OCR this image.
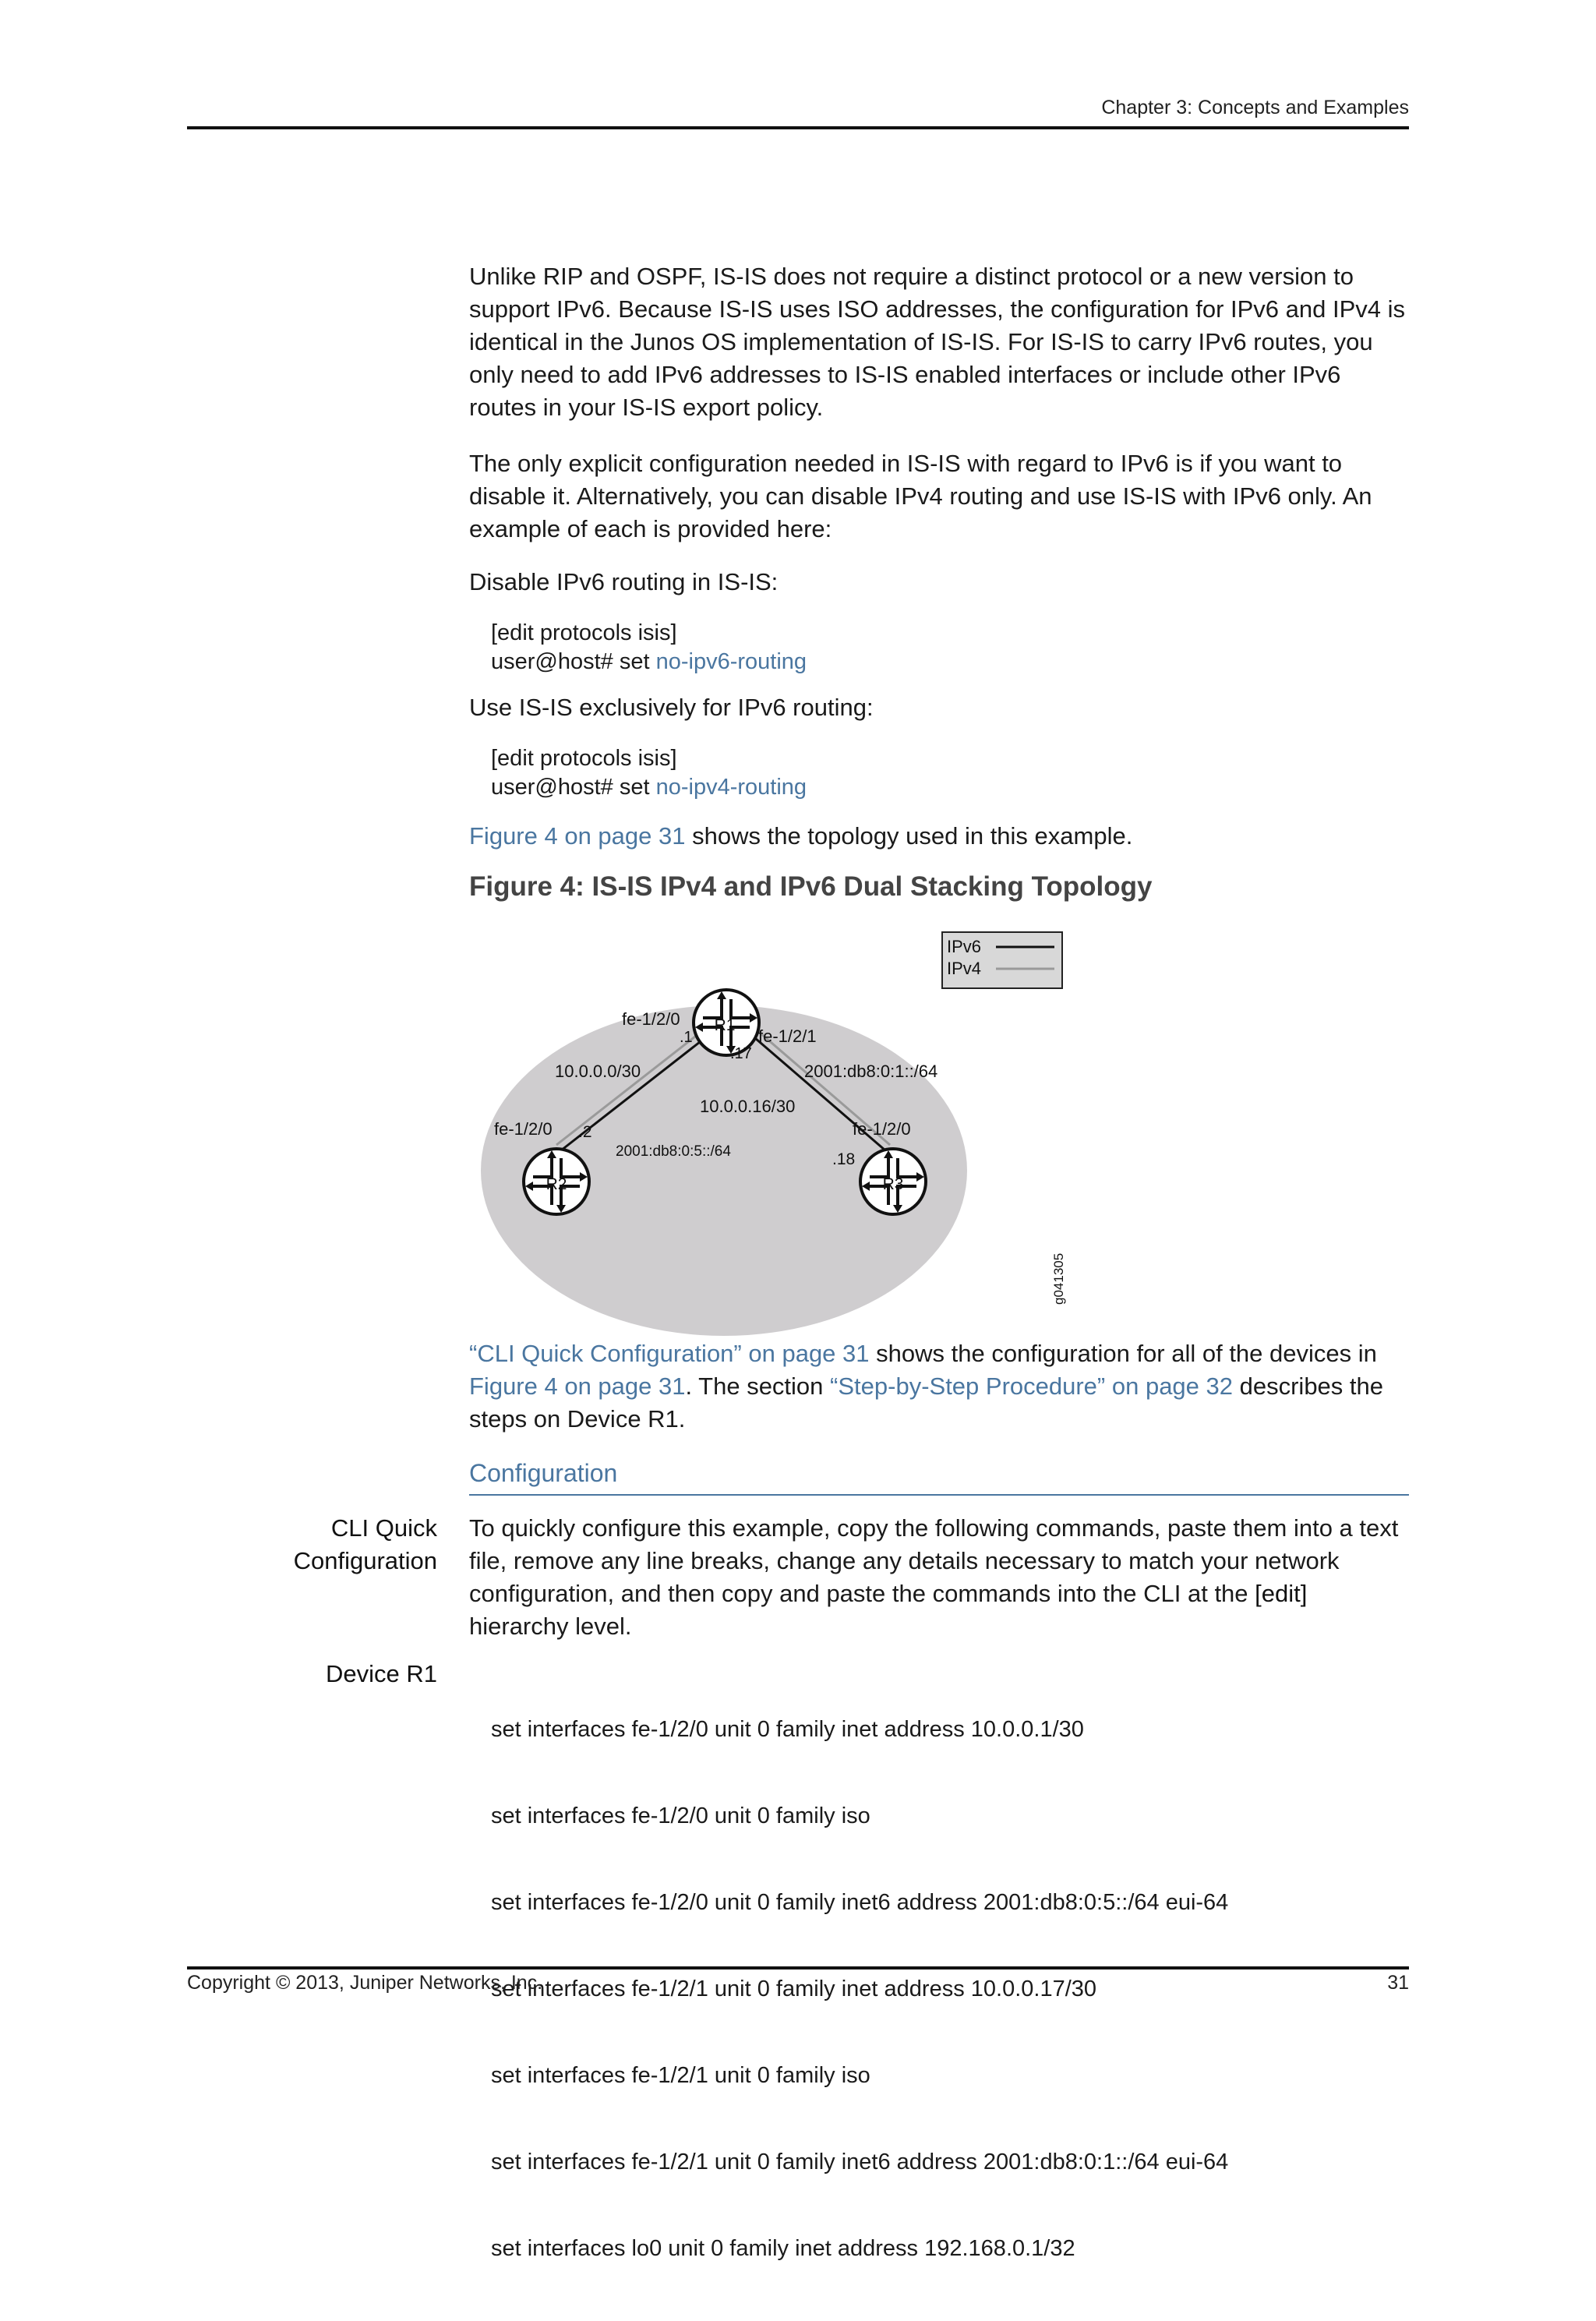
Chapter 3: Concepts and Examples

Unlike RIP and OSPF, IS-IS does not require a distinct protocol or a new version to support IPv6. Because IS-IS uses ISO addresses, the configuration for IPv6 and IPv4 is identical in the Junos OS implementation of IS-IS. For IS-IS to carry IPv6 routes, you only need to add IPv6 addresses to IS-IS enabled interfaces or include other IPv6 routes in your IS-IS export policy.

The only explicit configuration needed in IS-IS with regard to IPv6 is if you want to disable it. Alternatively, you can disable IPv4 routing and use IS-IS with IPv6 only. An example of each is provided here:

Disable IPv6 routing in IS-IS:

[edit protocols isis]
user@host# set no-ipv6-routing

Use IS-IS exclusively for IPv6 routing:

[edit protocols isis]
user@host# set no-ipv4-routing

Figure 4 on page 31 shows the topology used in this example.

Figure 4: IS-IS IPv4 and IPv6 Dual Stacking Topology
R1
R2	R3
IPv6
IPv4
fe-1/2/0
.1	fe-1/2/1
.17
10.0.0.0/30	2001:db8:0:1::/64
10.0.0.16/30
fe-1/2/0 .2
2001:db8:0:5::/64
fe-1/2/0
.18
g041305

“CLI Quick Configuration” on page 31 shows the configuration for all of the devices in Figure 4 on page 31. The section “Step-by-Step Procedure” on page 32 describes the steps on Device R1.

Configuration

To quickly configure this example, copy the following commands, paste them into a text file, remove any line breaks, change any details necessary to match your network configuration, and then copy and paste the commands into the CLI at the [edit] hierarchy level.

set interfaces fe-1/2/0 unit 0 family inet address 10.0.0.1/30

set interfaces fe-1/2/0 unit 0 family iso

set interfaces fe-1/2/0 unit 0 family inet6 address 2001:db8:0:5::/64 eui-64

set interfaces fe-1/2/1 unit 0 family inet address 10.0.0.17/30

set interfaces fe-1/2/1 unit 0 family iso

set interfaces fe-1/2/1 unit 0 family inet6 address 2001:db8:0:1::/64 eui-64

set interfaces lo0 unit 0 family inet address 192.168.0.1/32

CLI Quick
Configuration
Device R1
Copyright © 2013, Juniper Networks, Inc.	31
